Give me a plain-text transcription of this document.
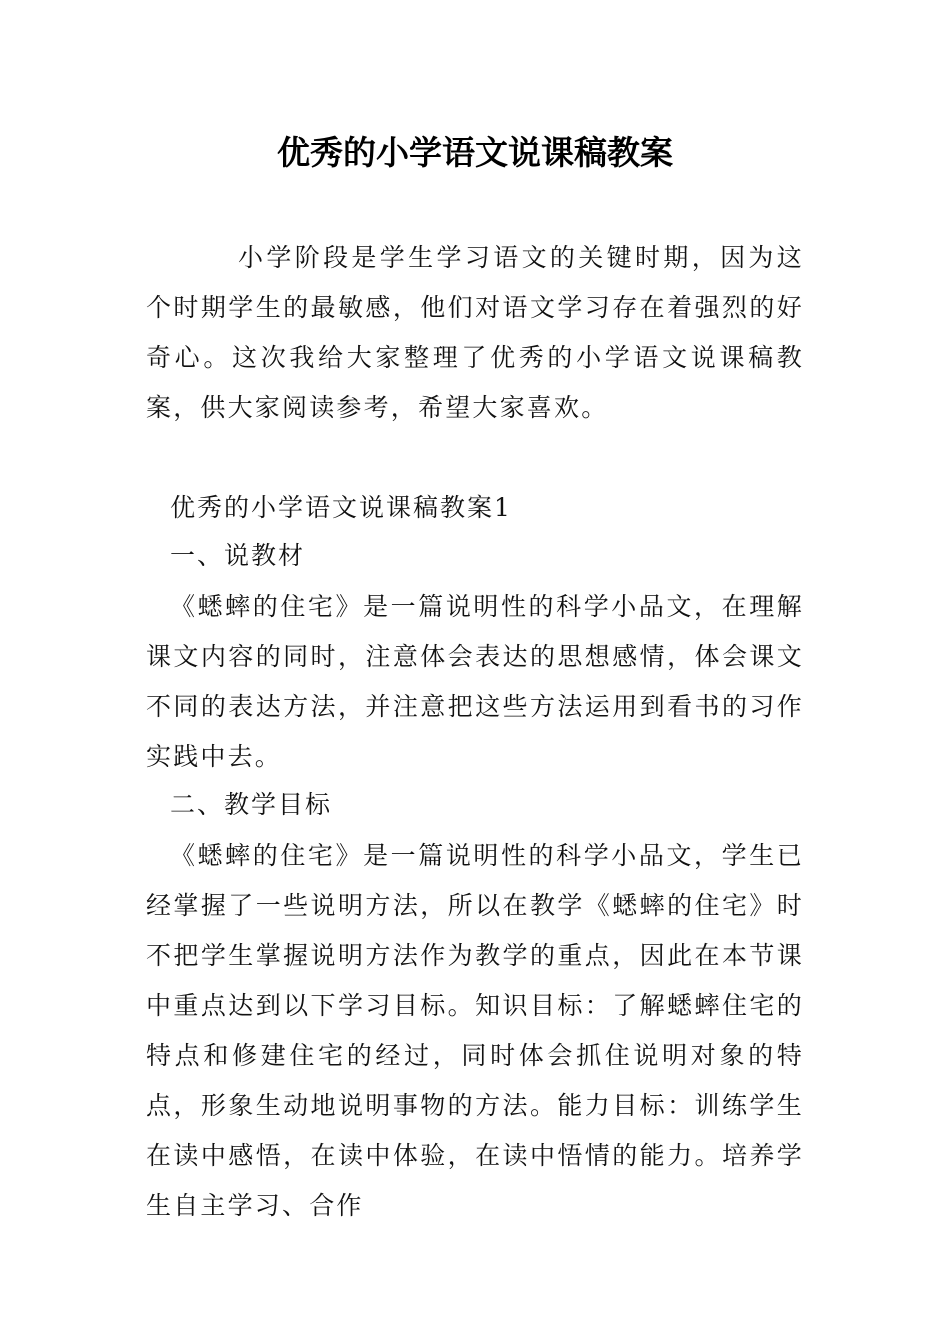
优秀的小学语文说课稿教案

小学阶段是学生学习语文的关键时期，因为这个时期学生的最敏感，他们对语文学习存在着强烈的好奇心。这次我给大家整理了优秀的小学语文说课稿教案，供大家阅读参考，希望大家喜欢。

优秀的小学语文说课稿教案1

一、说教材

《蟋蟀的住宅》是一篇说明性的科学小品文，在理解课文内容的同时，注意体会表达的思想感情，体会课文不同的表达方法，并注意把这些方法运用到看书的习作实践中去。

二、教学目标

《蟋蟀的住宅》是一篇说明性的科学小品文，学生已经掌握了一些说明方法，所以在教学《蟋蟀的住宅》时不把学生掌握说明方法作为教学的重点，因此在本节课中重点达到以下学习目标。知识目标：了解蟋蟀住宅的特点和修建住宅的经过，同时体会抓住说明对象的特点，形象生动地说明事物的方法。能力目标：训练学生在读中感悟，在读中体验，在读中悟情的能力。培养学生自主学习、合作
